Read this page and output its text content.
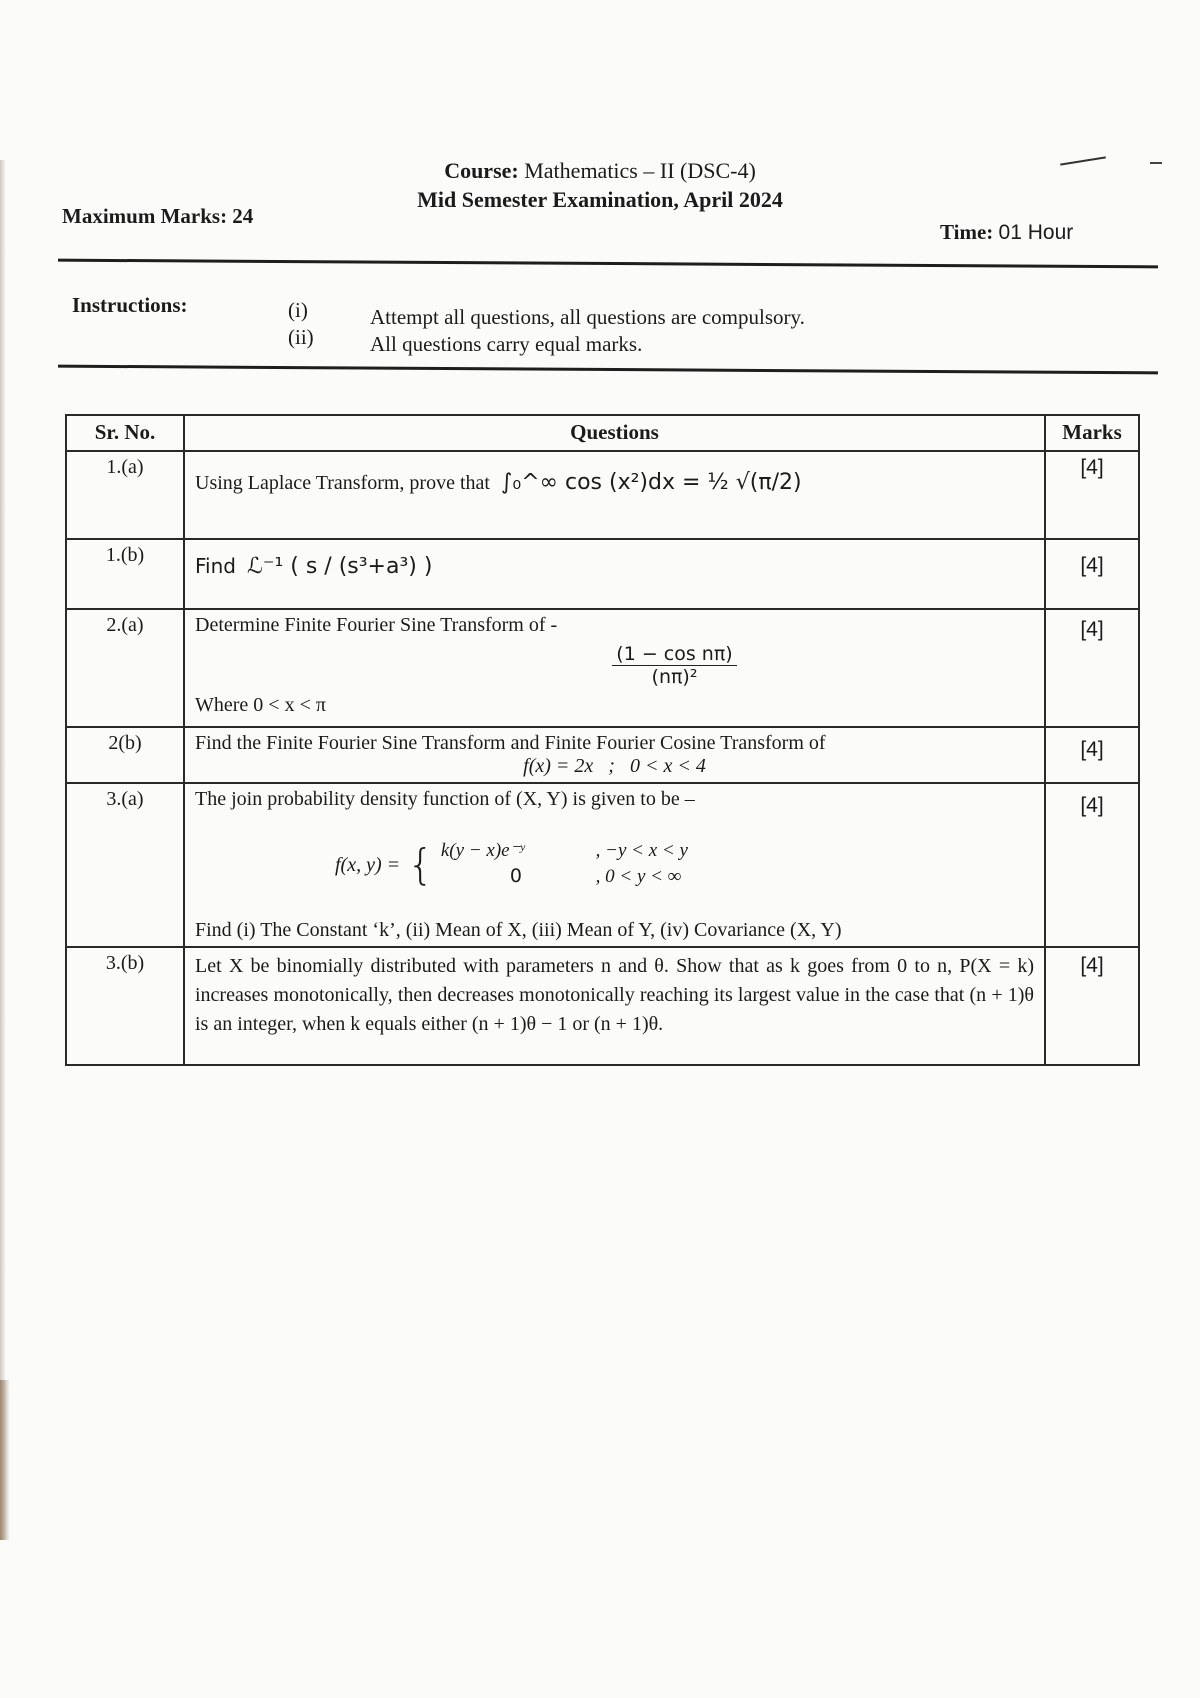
Course: Mathematics – II (DSC-4)
Mid Semester Examination, April 2024
Maximum Marks: 24
Time: 01 Hour
Instructions:	(i)	Attempt all questions, all questions are compulsory.
(ii)	All questions carry equal marks.
Sr. No.	Questions	Marks
1.(a)	Using Laplace Transform, prove that ∫₀^∞ cos (x²)dx = ½ √(π/2)	[4]
1.(b)	Find ℒ⁻¹ ( s / (s³+a³) )	[4]
2.(a)	Determine Finite Fourier Sine Transform of -
$\frac{\text{(1 − cos nπ)}}{\text{(nπ)²}}$
Where 0 < x < π	[4]
2(b)	Find the Finite Fourier Sine Transform and Finite Fourier Cosine Transform of
f(x) = 2x   ;   0 < x < 4	[4]
3.(a)	The join probability density function of (X, Y) is given to be –
f(x, y) = { k(y − x)e⁻ʸ , −y < x < y
0 , 0 < y < ∞
Find (i) The Constant ‘k’, (ii) Mean of X, (iii) Mean of Y, (iv) Covariance (X, Y)	[4]
3.(b)	Let X be binomially distributed with parameters n and θ. Show that as k goes from 0 to n, P(X = k) increases monotonically, then decreases monotonically reaching its largest value in the case that (n + 1)θ is an integer, when k equals either (n + 1)θ − 1 or (n + 1)θ.	[4]
